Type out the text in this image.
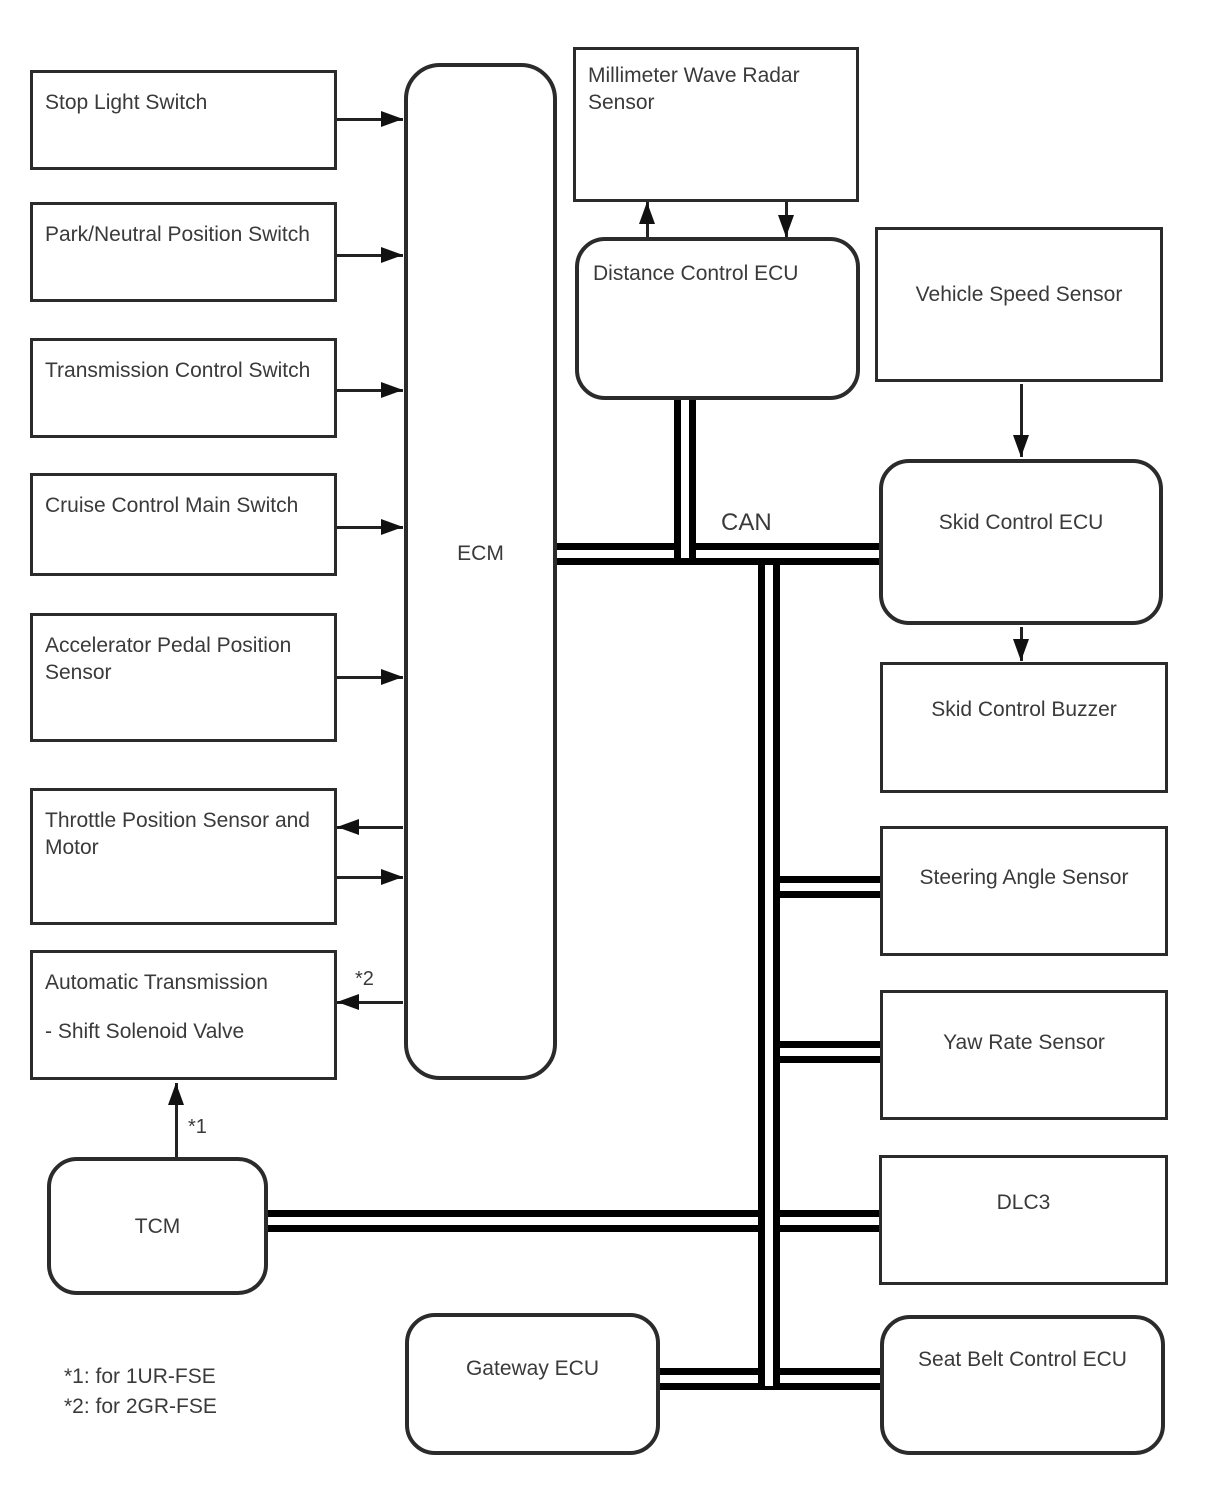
Stop Light Switch
Park/Neutral Position Switch
Transmission Control Switch
Cruise Control Main Switch
Accelerator Pedal Position Sensor
Throttle Position Sensor and Motor
Automatic Transmission
- Shift Solenoid Valve
ECM
Millimeter Wave Radar Sensor
Distance Control ECU
Vehicle Speed Sensor
Skid Control ECU
Skid Control Buzzer
Steering Angle Sensor
Yaw Rate Sensor
DLC3
Seat Belt Control ECU
TCM
Gateway ECU
CAN
*2
*1
*1: for 1UR-FSE
*2: for 2GR-FSE
